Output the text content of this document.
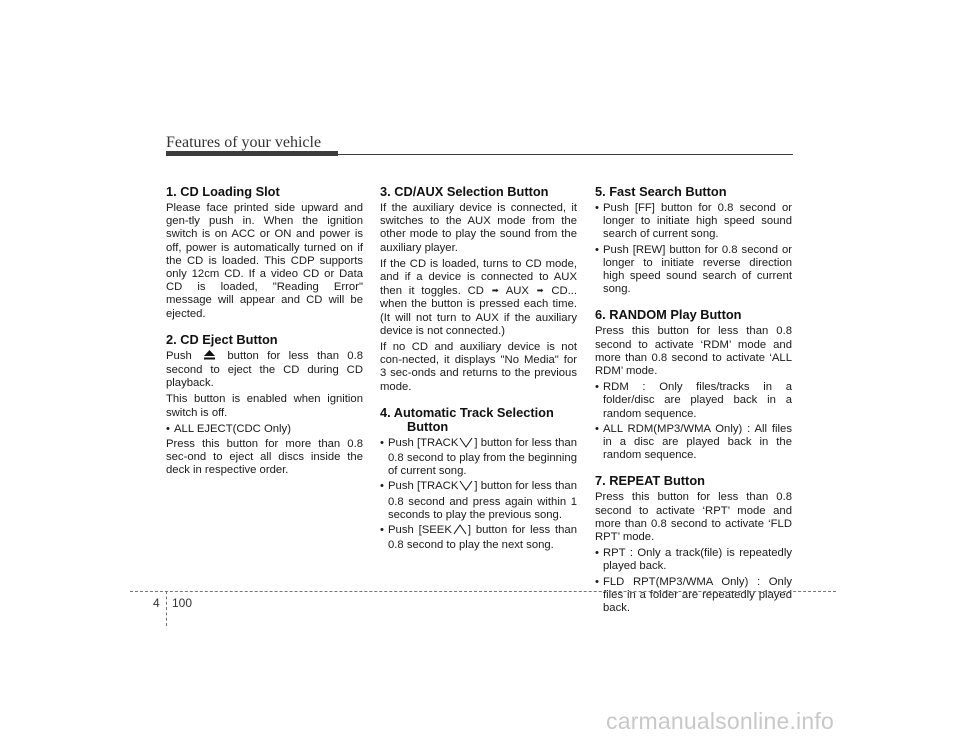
Features of your vehicle
1. CD Loading Slot

Please face printed side upward and gen-tly push in. When the ignition switch is on ACC or ON and power is off, power is automatically turned on if the CD is loaded. This CDP supports only 12cm CD. If a video CD or Data CD is loaded, "Reading Error" message will appear and CD will be ejected.

2. CD Eject Button

Push	button for less than 0.8 second to eject the CD during CD playback.

This button is enabled when ignition switch is off.

• ALL EJECT(CDC Only)

Press this button for more than 0.8 sec-ond to eject all discs inside the deck in respective order.

3. CD/AUX Selection Button

If the auxiliary device is connected, it switches to the AUX mode from the other mode to play the sound from the auxiliary player.

If the CD is loaded, turns to CD mode, and if a device is connected to AUX then it toggles. CD ➡ AUX ➡ CD... when the button is pressed each time.(It will not turn to AUX if the auxiliary device is not connected.)

If no CD and auxiliary device is not con-nected, it displays "No Media" for 3 sec-onds and returns to the previous mode.

4. Automatic Track Selection Button
• Push [TRACK ] button for less than 0.8 second to play from the beginning of current song.
• Push [TRACK ] button for less than 0.8 second and press again within 1 seconds to play the previous song.
• Push [SEEK ] button for less than 0.8 second to play the next song.
5. Fast Search Button
• Push [FF] button for 0.8 second or longer to initiate high speed sound search of current song.
• Push [REW] button for 0.8 second or longer to initiate reverse direction high speed sound search of current song.
6. RANDOM Play Button

Press this button for less than 0.8 second to activate ‘RDM’ mode and more than 0.8 second to activate ‘ALL RDM’ mode.

• RDM : Only files/tracks in a folder/disc are played back in a random sequence.
• ALL RDM(MP3/WMA Only) : All files in a disc are played back in the random sequence.
7. REPEAT Button

Press this button for less than 0.8 second to activate ‘RPT’ mode and more than 0.8 second to activate ‘FLD RPT’ mode.

• RPT : Only a track(file) is repeatedly played back.
• FLD RPT(MP3/WMA Only) : Only files in a folder are repeatedly played back.
4 100
carmanualsonline.info
